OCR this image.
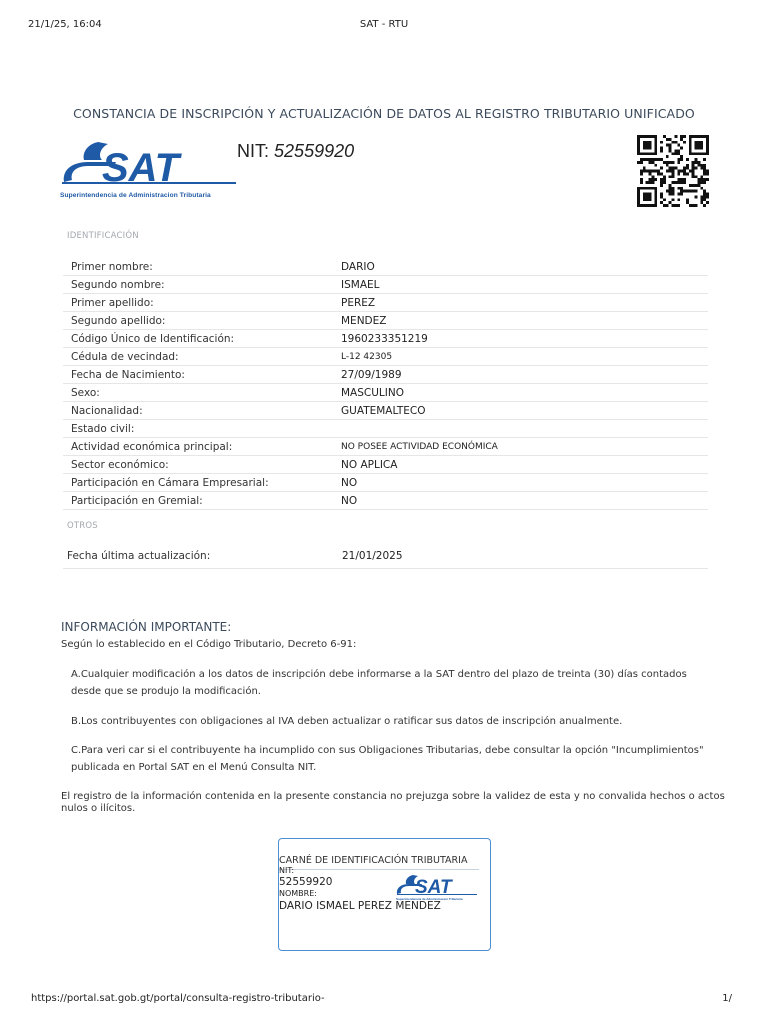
21/1/25, 16:04	SAT - RTU
CONSTANCIA DE INSCRIPCIÓN Y ACTUALIZACIÓN DE DATOS AL REGISTRO TRIBUTARIO UNIFICADO
SAT
Superintendencia de Administracion Tributaria
NIT: 52559920
IDENTIFICACIÓN
Primer nombre:	DARIO
Segundo nombre:	ISMAEL
Primer apellido:	PEREZ
Segundo apellido:	MENDEZ
Código Único de Identificación:	1960233351219
Cédula de vecindad:	L-12 42305
Fecha de Nacimiento:	27/09/1989
Sexo:	MASCULINO
Nacionalidad:	GUATEMALTECO
Estado civil:
Actividad económica principal:	NO POSEE ACTIVIDAD ECONÓMICA
Sector económico:	NO APLICA
Participación en Cámara Empresarial:	NO
Participación en Gremial:	NO
OTROS
Fecha última actualización:	21/01/2025
INFORMACIÓN IMPORTANTE:
Según lo establecido en el Código Tributario, Decreto 6-91:
A.Cualquier modificación a los datos de inscripción debe informarse a la SAT dentro del plazo de treinta (30) días contados desde que se produjo la modificación.
B.Los contribuyentes con obligaciones al IVA deben actualizar o ratificar sus datos de inscripción anualmente.
C.Para veri car si el contribuyente ha incumplido con sus Obligaciones Tributarias, debe consultar la opción "Incumplimientos" publicada en Portal SAT en el Menú Consulta NIT.
El registro de la información contenida en la presente constancia no prejuzga sobre la validez de esta y no convalida hechos o actos nulos o ilícitos.
CARNÉ DE IDENTIFICACIÓN TRIBUTARIA
NIT:
52559920
NOMBRE:
DARIO ISMAEL PEREZ MENDEZ
SAT
Superintendencia de Administracion Tributaria
https://portal.sat.gob.gt/portal/consulta-registro-tributario-	1/
